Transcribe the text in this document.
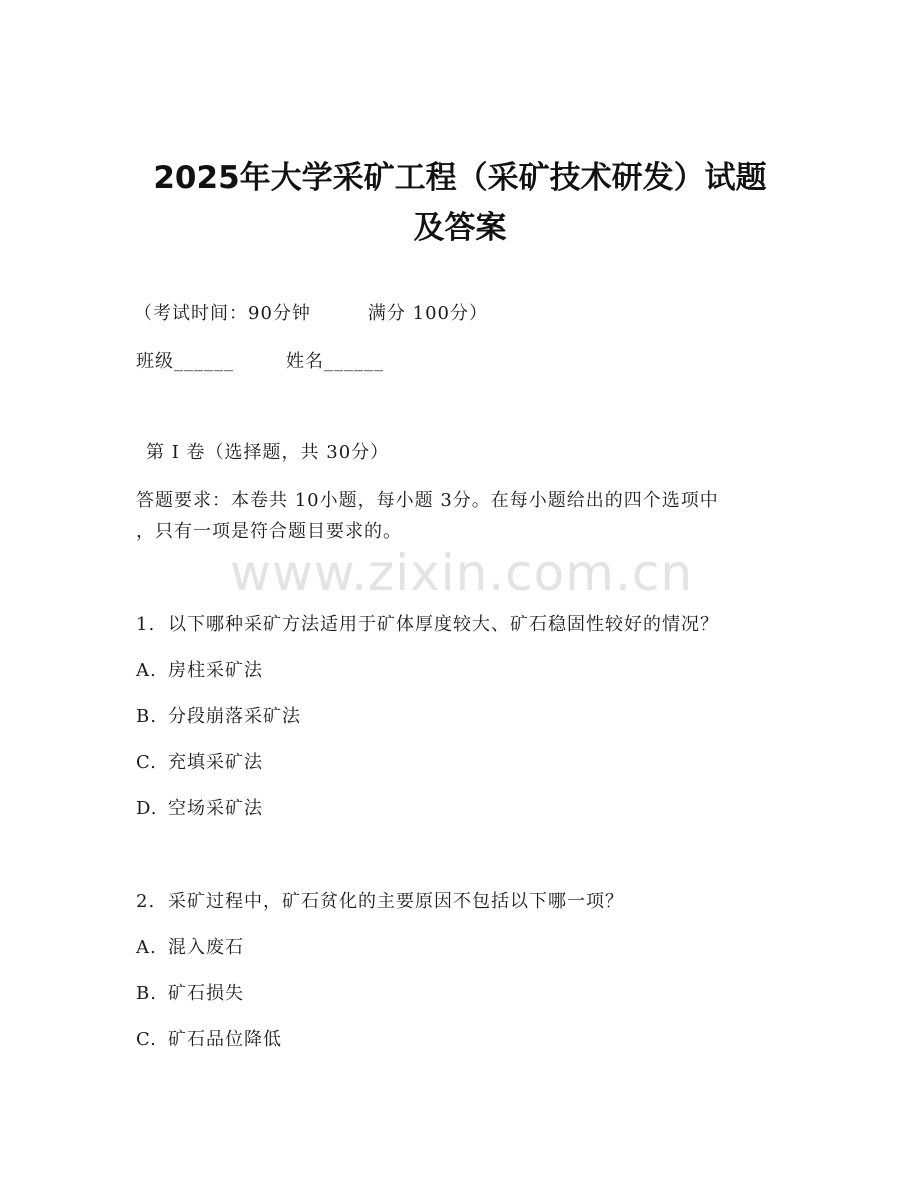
www.zixin.com.cn
2025年大学采矿工程（采矿技术研发）试题
及答案
（考试时间：90分钟　　　满分 100分）
班级______	姓名______
第 I 卷（选择题，共 30分）
答题要求：本卷共 10小题，每小题 3分。在每小题给出的四个选项中
，只有一项是符合题目要求的。
1. 以下哪种采矿方法适用于矿体厚度较大、矿石稳固性较好的情况？
A. 房柱采矿法
B. 分段崩落采矿法
C. 充填采矿法
D. 空场采矿法
2. 采矿过程中，矿石贫化的主要原因不包括以下哪一项？
A. 混入废石
B. 矿石损失
C. 矿石品位降低
